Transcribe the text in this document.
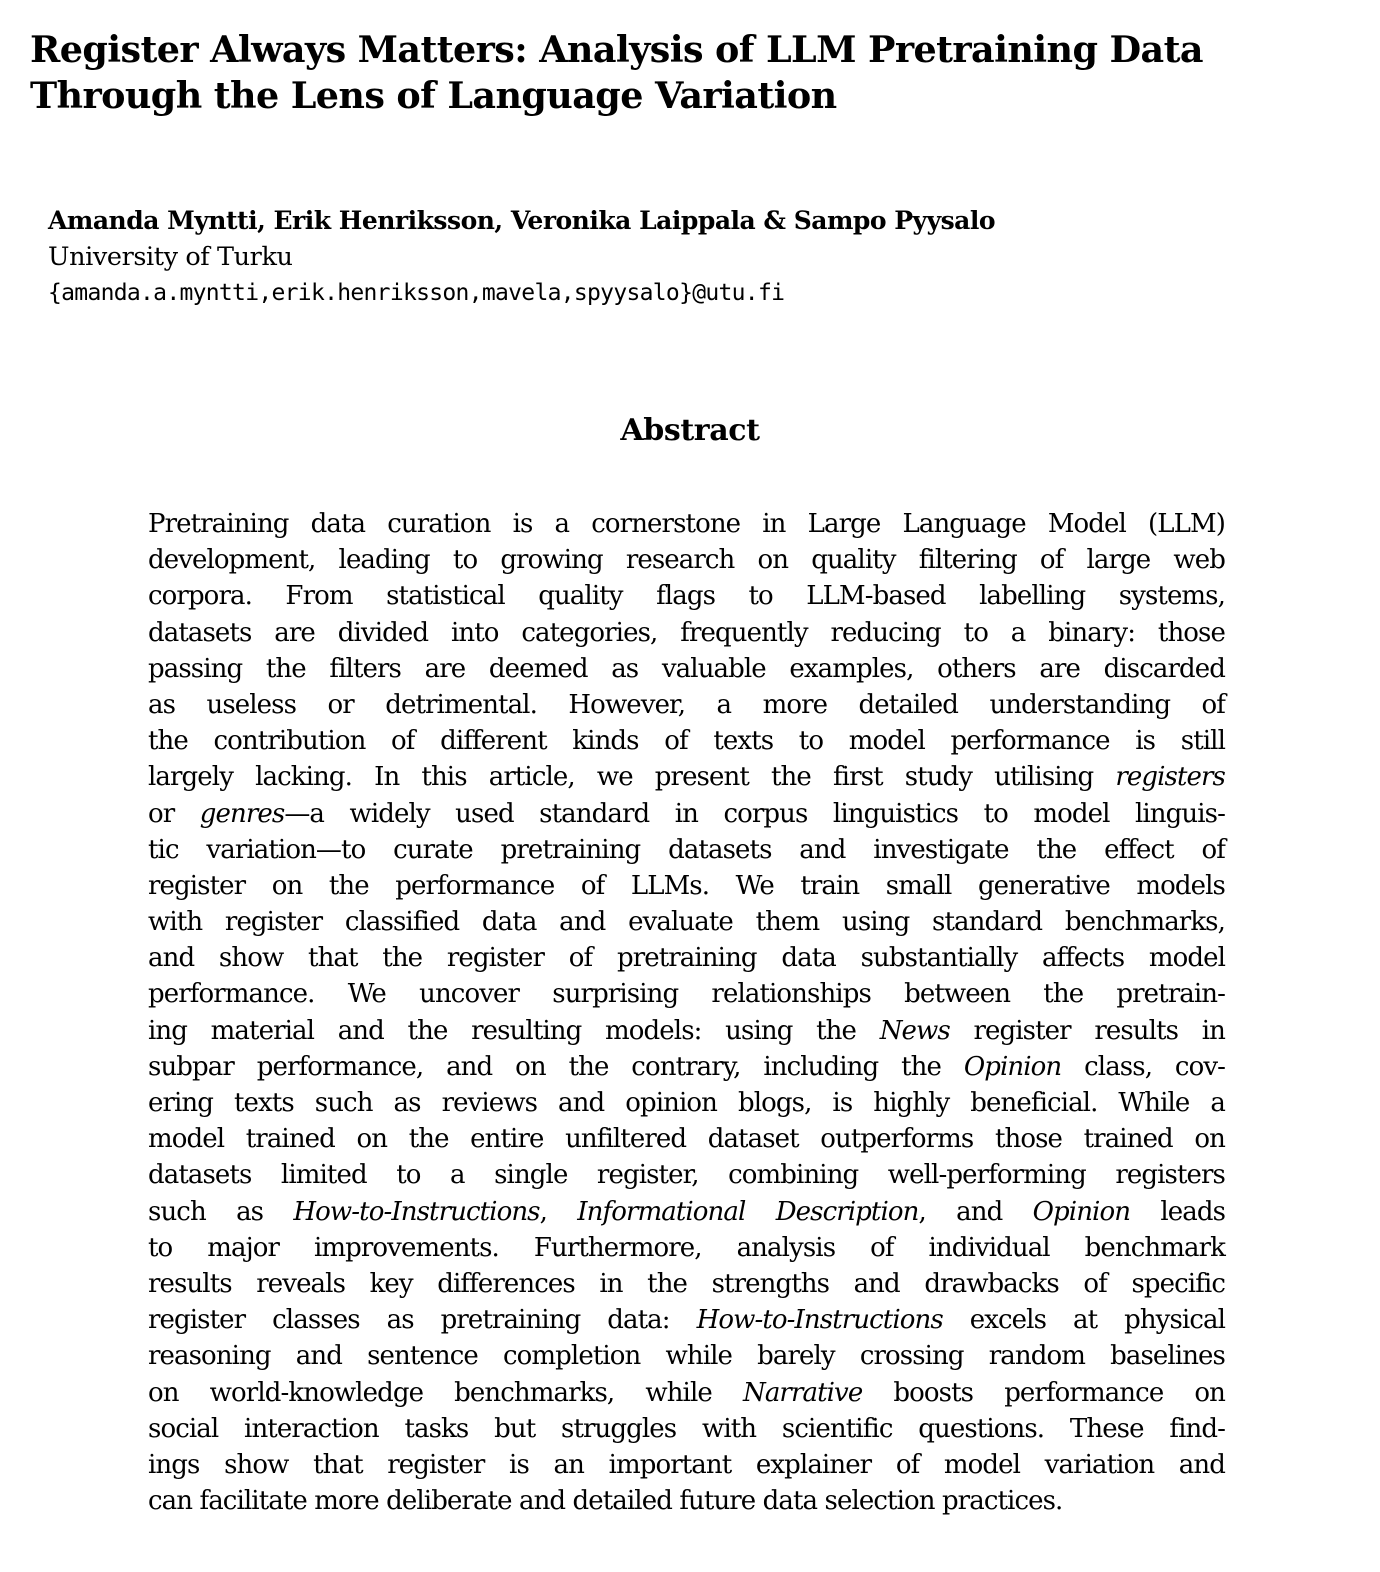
Register Always Matters: Analysis of LLM Pretraining Data
Through the Lens of Language Variation
Amanda Myntti, Erik Henriksson, Veronika Laippala & Sampo Pyysalo
University of Turku
{amanda.a.myntti,erik.henriksson,mavela,spyysalo}@utu.fi
Abstract
Pretraining data curation is a cornerstone in Large Language Model (LLM)
development, leading to growing research on quality filtering of large web
corpora. From statistical quality flags to LLM-based labelling systems,
datasets are divided into categories, frequently reducing to a binary: those
passing the filters are deemed as valuable examples, others are discarded
as useless or detrimental. However, a more detailed understanding of
the contribution of different kinds of texts to model performance is still
largely lacking. In this article, we present the first study utilising registers
or genres—a widely used standard in corpus linguistics to model linguis-
tic variation—to curate pretraining datasets and investigate the effect of
register on the performance of LLMs. We train small generative models
with register classified data and evaluate them using standard benchmarks,
and show that the register of pretraining data substantially affects model
performance. We uncover surprising relationships between the pretrain-
ing material and the resulting models: using the News register results in
subpar performance, and on the contrary, including the Opinion class, cov-
ering texts such as reviews and opinion blogs, is highly beneficial. While a
model trained on the entire unfiltered dataset outperforms those trained on
datasets limited to a single register, combining well-performing registers
such as How-to-Instructions, Informational Description, and Opinion leads
to major improvements. Furthermore, analysis of individual benchmark
results reveals key differences in the strengths and drawbacks of specific
register classes as pretraining data: How-to-Instructions excels at physical
reasoning and sentence completion while barely crossing random baselines
on world-knowledge benchmarks, while Narrative boosts performance on
social interaction tasks but struggles with scientific questions. These find-
ings show that register is an important explainer of model variation and
can facilitate more deliberate and detailed future data selection practices.
